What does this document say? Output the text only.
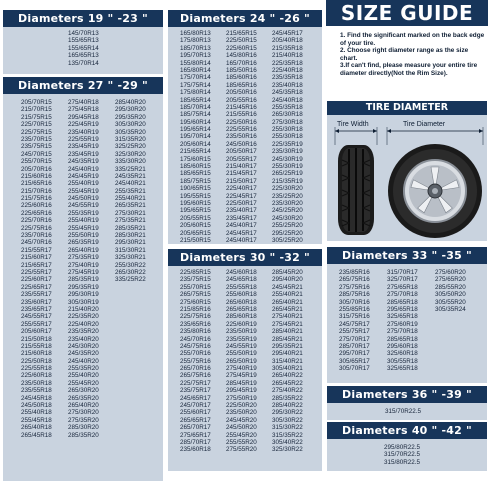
SIZE GUIDE
1. Find the significant marked on the back edge of your tire.
2. Choose right diameter range as the size chart.
3.If can't find, please measure your entire tire diameter directly(Not the Rim Size).
TIRE DIAMETER
Tire Width	Tire Diameter
Diameters 19 " -23 "
145/70R13
155/65R13
155/65R14
165/65R13
135/70R14
Diameters 27 " -29 "
205/70R15
215/70R15
215/75R15
225/70R15
225/75R15
235/70R15
235/75R15
245/70R15
255/70R15
205/70R16
215/60R16
215/65R16
215/70R16
215/75R16
225/60R16
225/65R16
225/70R16
225/75R16
235/70R16
245/70R16
215/55R17
215/60R17
215/65R17
225/55R17
225/60R17
225/65R17
235/55R17
235/60R17
235/65R17
245/55R17
255/55R17
205/60R17
215/50R18
215/55R18
215/60R18
225/50R18
225/55R18
225/60R18
235/50R18
235/55R18
245/45R18
245/50R18
255/40R18
255/45R18
265/40R18
265/45R18
275/40R18
275/45R18
295/45R18
225/45R19
235/40R19
225/55R19
235/45R19
235/45R19
245/35R19
245/40R19
245/45R19
255/40R19
255/45R19
245/50R19
245/55R19
255/35R19
255/40R19
255/45R19
255/50R19
265/35R19
265/40R19
275/35R19
275/40R19
275/45R19
285/35R19
295/35R19
295/30R19
305/30R19
215/40R20
225/35R20
225/40R20
235/35R20
235/40R20
245/30R20
245/35R20
245/40R20
255/35R20
255/40R20
255/45R20
265/30R20
265/35R20
265/40R20
275/30R20
275/35R20
285/30R20
285/35R20
285/40R20
295/30R20
295/35R20
305/30R20
305/35R20
315/35R20
325/25R20
325/30R20
335/30R20
335/25R21
245/35R21
245/40R21
255/35R21
255/40R21
265/35R21
275/30R21
275/35R21
285/35R21
285/30R21
295/30R21
315/30R21
325/30R21
255/30R22
265/30R22
335/25R22
Diameters 24 " -26 "
165/80R13
175/80R13
185/70R13
195/70R13
155/80R14
165/80R14
175/70R14
175/75R14
175/80R14
185/65R14
185/70R14
185/75R14
195/60R14
195/65R14
195/70R14
205/60R14
215/65R14
175/60R15
185/60R15
185/65R15
185/75R15
190/65R15
195/55R15
195/60R15
195/65R15
205/55R15
205/60R15
205/65R15
215/50R15
215/65R15
225/50R15
225/60R15
145/80R16
165/70R16
185/50R16
185/60R16
185/65R16
205/50R16
205/55R16
215/45R16
215/55R16
225/50R16
225/55R16
235/50R16
245/50R16
205/50R17
205/55R17
215/40R17
215/45R17
215/50R17
225/40R17
225/45R17
225/50R17
235/40R17
235/45R17
245/40R17
245/45R17
245/40R17
245/45R17
205/40R18
215/35R18
215/40R18
225/35R18
225/40R18
235/35R18
235/40R18
245/35R18
245/40R18
255/35R18
265/30R18
275/30R18
255/30R18
255/30R18
225/35R19
235/30R19
245/30R19
255/30R19
265/25R19
215/35R19
225/30R20
235/25R20
235/30R20
245/25R20
245/30R20
255/25R20
295/25R20
305/25R20
Diameters 30 " -32 "
225/85R15
235/75R15
255/70R15
265/75R15
275/60R15
215/85R16
225/75R16
235/65R16
235/80R16
245/70R16
245/75R16
255/70R16
255/75R16
265/70R16
265/75R16
225/75R17
235/75R17
245/65R17
245/70R17
255/60R17
265/65R17
265/70R17
275/65R17
285/70R17
235/60R18
245/60R18
245/65R18
255/55R18
255/60R18
265/60R18
265/65R18
285/60R18
225/60R19
235/50R19
235/55R19
245/55R19
255/50R19
265/50R19
275/40R19
275/45R19
285/45R19
295/45R19
275/50R19
225/50R20
235/50R20
245/45R20
245/50R20
255/45R20
255/55R20
275/55R20
285/45R20
295/40R20
245/45R21
255/40R21
265/40R21
265/45R21
275/40R21
275/45R21
285/40R21
285/45R21
295/35R21
295/40R21
315/40R21
305/40R21
265/40R22
265/45R22
275/40R22
285/35R22
285/40R22
295/30R22
305/30R22
315/30R22
315/35R22
305/40R22
325/30R22
Diameters 33 " -35 "
235/85R16
265/75R16
275/75R16
285/75R16
305/70R16
255/85R16
315/75R16
245/75R17
255/75R17
275/70R17
285/70R17
295/70R17
305/65R17
305/70R17
315/70R17
325/70R17
275/65R18
275/70R18
285/65R18
295/65R18
325/65R18
275/60R19
275/70R18
285/65R18
295/60R18
325/60R18
305/55R18
325/65R18
275/60R20
275/65R20
285/55R20
305/50R20
305/55R20
305/35R24
Diameters 36 " -39 "
315/70R22.5
Diameters 40 " -42 "
295/80R22.5
315/70R22.5
315/80R22.5
